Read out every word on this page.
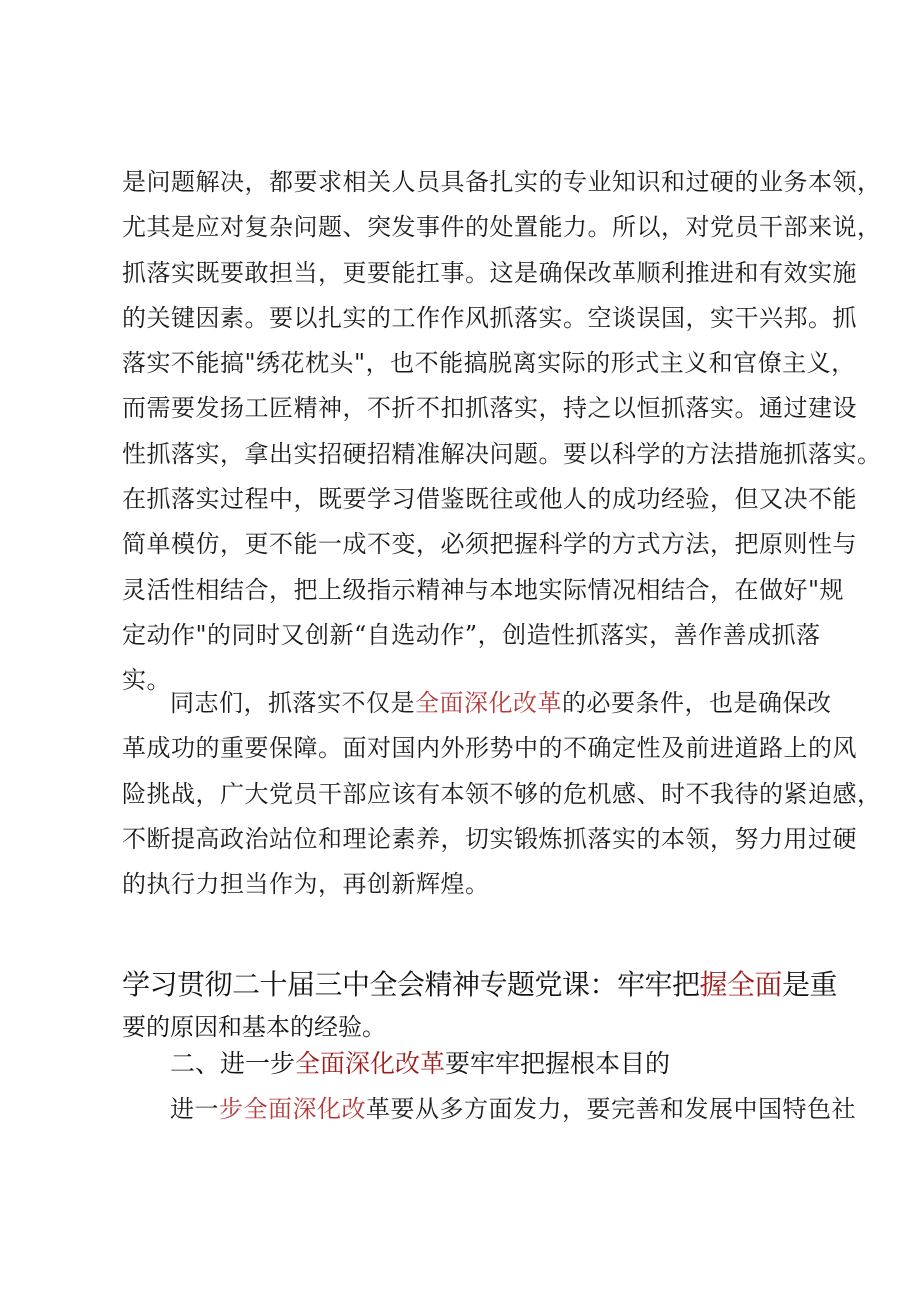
是问题解决，都要求相关人员具备扎实的专业知识和过硬的业务本领，
尤其是应对复杂问题、突发事件的处置能力。所以，对党员干部来说，
抓落实既要敢担当，更要能扛事。这是确保改革顺利推进和有效实施
的关键因素。要以扎实的工作作风抓落实。空谈误国，实干兴邦。抓
落实不能搞"绣花枕头"，也不能搞脱离实际的形式主义和官僚主义，
而需要发扬工匠精神，不折不扣抓落实，持之以恒抓落实。通过建设
性抓落实，拿出实招硬招精准解决问题。要以科学的方法措施抓落实。
在抓落实过程中，既要学习借鉴既往或他人的成功经验，但又决不能
简单模仿，更不能一成不变，必须把握科学的方式方法，把原则性与
灵活性相结合，把上级指示精神与本地实际情况相结合，在做好"规
定动作"的同时又创新“自选动作”，创造性抓落实，善作善成抓落
实。
同志们，抓落实不仅是全面深化改革的必要条件，也是确保改
革成功的重要保障。面对国内外形势中的不确定性及前进道路上的风
险挑战，广大党员干部应该有本领不够的危机感、时不我待的紧迫感，
不断提高政治站位和理论素养，切实锻炼抓落实的本领，努力用过硬
的执行力担当作为，再创新辉煌。
学习贯彻二十届三中全会精神专题党课：牢牢把握全面是重
要的原因和基本的经验。
二、进一步全面深化改革要牢牢把握根本目的
进一步全面深化改革要从多方面发力，要完善和发展中国特色社
